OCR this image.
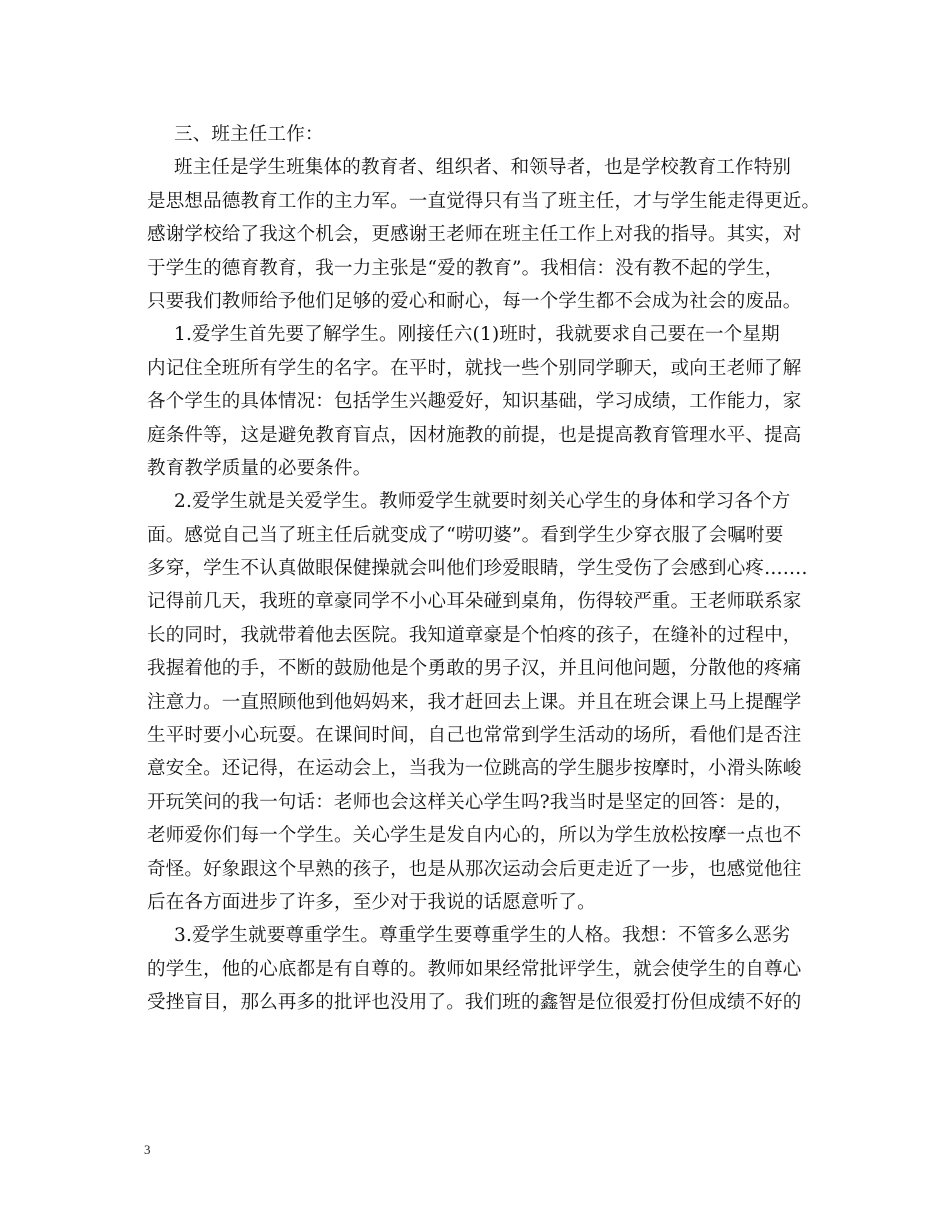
三、班主任工作：
班主任是学生班集体的教育者、组织者、和领导者，也是学校教育工作特别
是思想品德教育工作的主力军。一直觉得只有当了班主任，才与学生能走得更近。
感谢学校给了我这个机会，更感谢王老师在班主任工作上对我的指导。其实，对
于学生的德育教育，我一力主张是“爱的教育”。我相信：没有教不起的学生，
只要我们教师给予他们足够的爱心和耐心，每一个学生都不会成为社会的废品。
1.爱学生首先要了解学生。刚接任六(1)班时，我就要求自己要在一个星期
内记住全班所有学生的名字。在平时，就找一些个别同学聊天，或向王老师了解
各个学生的具体情况：包括学生兴趣爱好，知识基础，学习成绩，工作能力，家
庭条件等，这是避免教育盲点，因材施教的前提，也是提高教育管理水平、提高
教育教学质量的必要条件。
2.爱学生就是关爱学生。教师爱学生就要时刻关心学生的身体和学习各个方
面。感觉自己当了班主任后就变成了“唠叨婆”。看到学生少穿衣服了会嘱咐要
多穿，学生不认真做眼保健操就会叫他们珍爱眼睛，学生受伤了会感到心疼…….
记得前几天，我班的章豪同学不小心耳朵碰到桌角，伤得较严重。王老师联系家
长的同时，我就带着他去医院。我知道章豪是个怕疼的孩子，在缝补的过程中，
我握着他的手，不断的鼓励他是个勇敢的男子汉，并且问他问题，分散他的疼痛
注意力。一直照顾他到他妈妈来，我才赶回去上课。并且在班会课上马上提醒学
生平时要小心玩耍。在课间时间，自己也常常到学生活动的场所，看他们是否注
意安全。还记得，在运动会上，当我为一位跳高的学生腿步按摩时，小滑头陈峻
开玩笑问的我一句话：老师也会这样关心学生吗?我当时是坚定的回答：是的，
老师爱你们每一个学生。关心学生是发自内心的，所以为学生放松按摩一点也不
奇怪。好象跟这个早熟的孩子，也是从那次运动会后更走近了一步，也感觉他往
后在各方面进步了许多，至少对于我说的话愿意听了。
3.爱学生就要尊重学生。尊重学生要尊重学生的人格。我想：不管多么恶劣
的学生，他的心底都是有自尊的。教师如果经常批评学生，就会使学生的自尊心
受挫盲目，那么再多的批评也没用了。我们班的鑫智是位很爱打份但成绩不好的
3
